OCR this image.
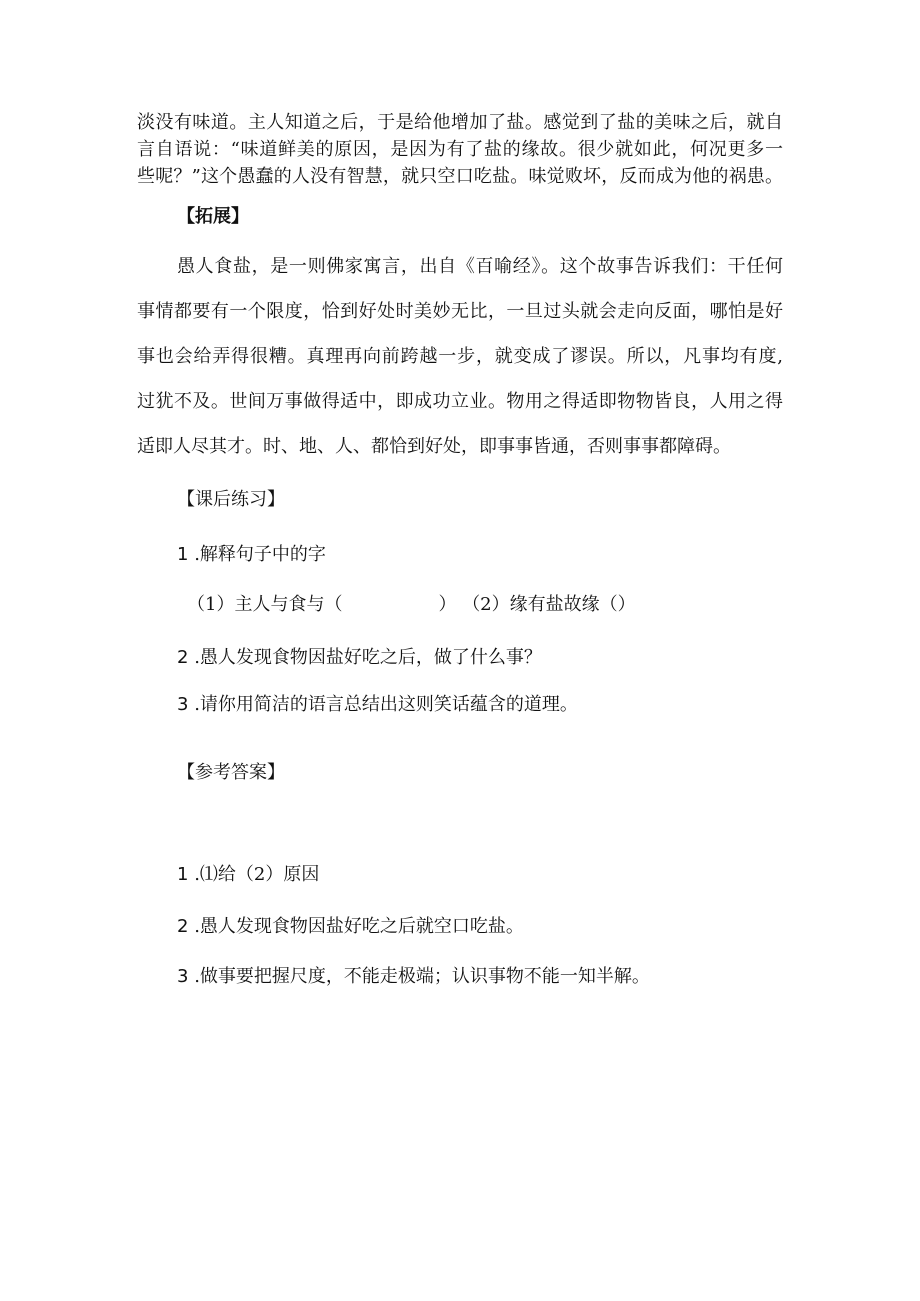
淡没有味道。主人知道之后，于是给他增加了盐。感觉到了盐的美味之后，就自
言自语说：“味道鲜美的原因，是因为有了盐的缘故。很少就如此，何况更多一
些呢？”这个愚蠢的人没有智慧，就只空口吃盐。味觉败坏，反而成为他的祸患。
【拓展】
愚人食盐，是一则佛家寓言，出自《百喻经》。这个故事告诉我们：干任何
事情都要有一个限度，恰到好处时美妙无比，一旦过头就会走向反面，哪怕是好
事也会给弄得很糟。真理再向前跨越一步，就变成了谬误。所以，凡事均有度,
过犹不及。世间万事做得适中，即成功立业。物用之得适即物物皆良，人用之得
适即人尽其才。时、地、人、都恰到好处，即事事皆通，否则事事都障碍。
【课后练习】
1 .解释句子中的字
（1）主人与食与（	） （2）缘有盐故缘（）
2 .愚人发现食物因盐好吃之后，做了什么事？
3 .请你用简洁的语言总结出这则笑话蕴含的道理。
【参考答案】
1 .⑴给（2）原因
2 .愚人发现食物因盐好吃之后就空口吃盐。
3 .做事要把握尺度，不能走极端；认识事物不能一知半解。
